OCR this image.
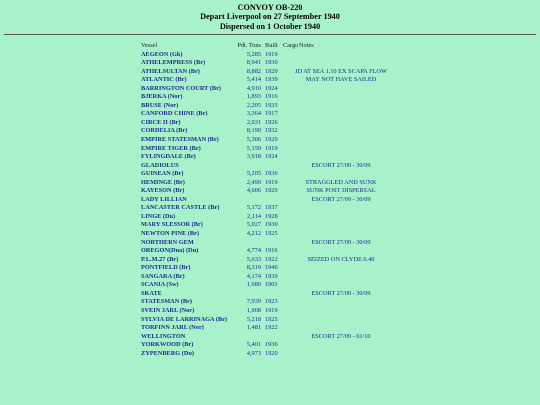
CONVOY OB-220
Depart Liverpool on 27 September 1940
Dispersed on 1 October 1940
Vessel	Pdt. Tons Built Cargo Notes
AEGEON (Gk)	5,285 1919
ATHELEMPRESS (Br)	8,941 1930
ATHELSULTAN (Br)	8,882 1929	JD AT SEA 1.10 EX SCAPA FLOW
ATLANTIC (Br)	5,414 1939	MAY NOT HAVE SAILED
BARRINGTON COURT (Br)	4,910 1924
BJERKA (Nor)	1,893 1916
BRUSE (Nor)	2,205 1933
CANFORD CHINE (Br)	3,364 1917
CIRCE II (Br)	2,031 1926
CORDELIA (Br)	8,190 1932
EMPIRE STATESMAN (Br)	5,306 1920
EMPIRE TIGER (Br)	5,159 1919
FYLINGDALE (Br)	3,918 1924
GLADIOLUS	ESCORT 27/09 - 30/09
GUINEAN (Br)	5,205 1936
HEMINGE (Br)	2,499 1919	STRAGGLED AND SUNK
KAYESON (Br)	4,606 1929	SUNK POST DISPERSAL
LADY LILLIAN	ESCORT 27/09 - 30/09
LANCASTER CASTLE (Br)	5,172 1937
LINGE (Du)	2,114 1928
MARY SLESSOR (Br)	5,027 1930
NEWTON PINE (Br)	4,212 1925
NORTHERN GEM	ESCORT 27/09 - 30/09
OREGON(Dua) (Du)	4,774 1916
P.L.M.27 (Br)	5,633 1922	SEIZED ON CLYDE 6.40
PONTFIELD (Br)	8,319 1940
SANGARA (Br)	4,174 1939
SCANIA (Sw)	1,980 1901
SKATE	ESCORT 27/09 - 30/09
STATESMAN (Br)	7,939 1923
SVEIN JARL (Nor)	1,908 1919
SYLVIA DE LARRINAGA (Br)	5,218 1925
TORFINN JARL (Nor)	1,481 1922
WELLINGTON	ESCORT 27/09 - 01/10
YORKWOOD (Br)	5,401 1936
ZYPENBERG (Du)	4,973 1920
